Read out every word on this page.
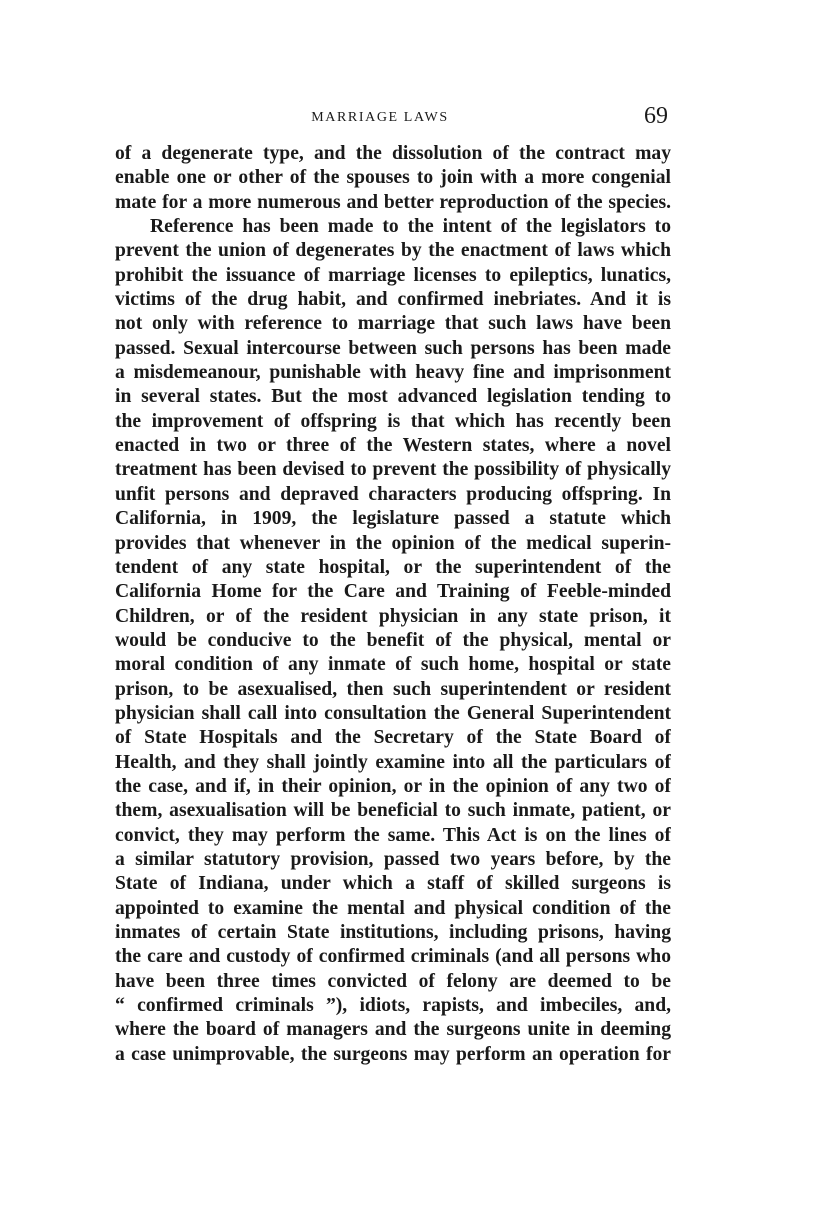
MARRIAGE LAWS	69
of a degenerate type, and the dissolution of the contract may
enable one or other of the spouses to join with a more congenial
mate for a more numerous and better reproduction of the species.
Reference has been made to the intent of the legislators to
prevent the union of degenerates by the enactment of laws which
prohibit the issuance of marriage licenses to epileptics, lunatics,
victims of the drug habit, and confirmed inebriates. And it is
not only with reference to marriage that such laws have been
passed. Sexual intercourse between such persons has been made
a misdemeanour, punishable with heavy fine and imprisonment
in several states. But the most advanced legislation tending to
the improvement of offspring is that which has recently been
enacted in two or three of the Western states, where a novel
treatment has been devised to prevent the possibility of physically
unfit persons and depraved characters producing offspring. In
California, in 1909, the legislature passed a statute which
provides that whenever in the opinion of the medical superin-
tendent of any state hospital, or the superintendent of the
California Home for the Care and Training of Feeble-minded
Children, or of the resident physician in any state prison, it
would be conducive to the benefit of the physical, mental or
moral condition of any inmate of such home, hospital or state
prison, to be asexualised, then such superintendent or resident
physician shall call into consultation the General Superintendent
of State Hospitals and the Secretary of the State Board of
Health, and they shall jointly examine into all the particulars of
the case, and if, in their opinion, or in the opinion of any two of
them, asexualisation will be beneficial to such inmate, patient, or
convict, they may perform the same. This Act is on the lines of
a similar statutory provision, passed two years before, by the
State of Indiana, under which a staff of skilled surgeons is
appointed to examine the mental and physical condition of the
inmates of certain State institutions, including prisons, having
the care and custody of confirmed criminals (and all persons who
have been three times convicted of felony are deemed to be
“ confirmed criminals ”), idiots, rapists, and imbeciles, and,
where the board of managers and the surgeons unite in deeming
a case unimprovable, the surgeons may perform an operation for
